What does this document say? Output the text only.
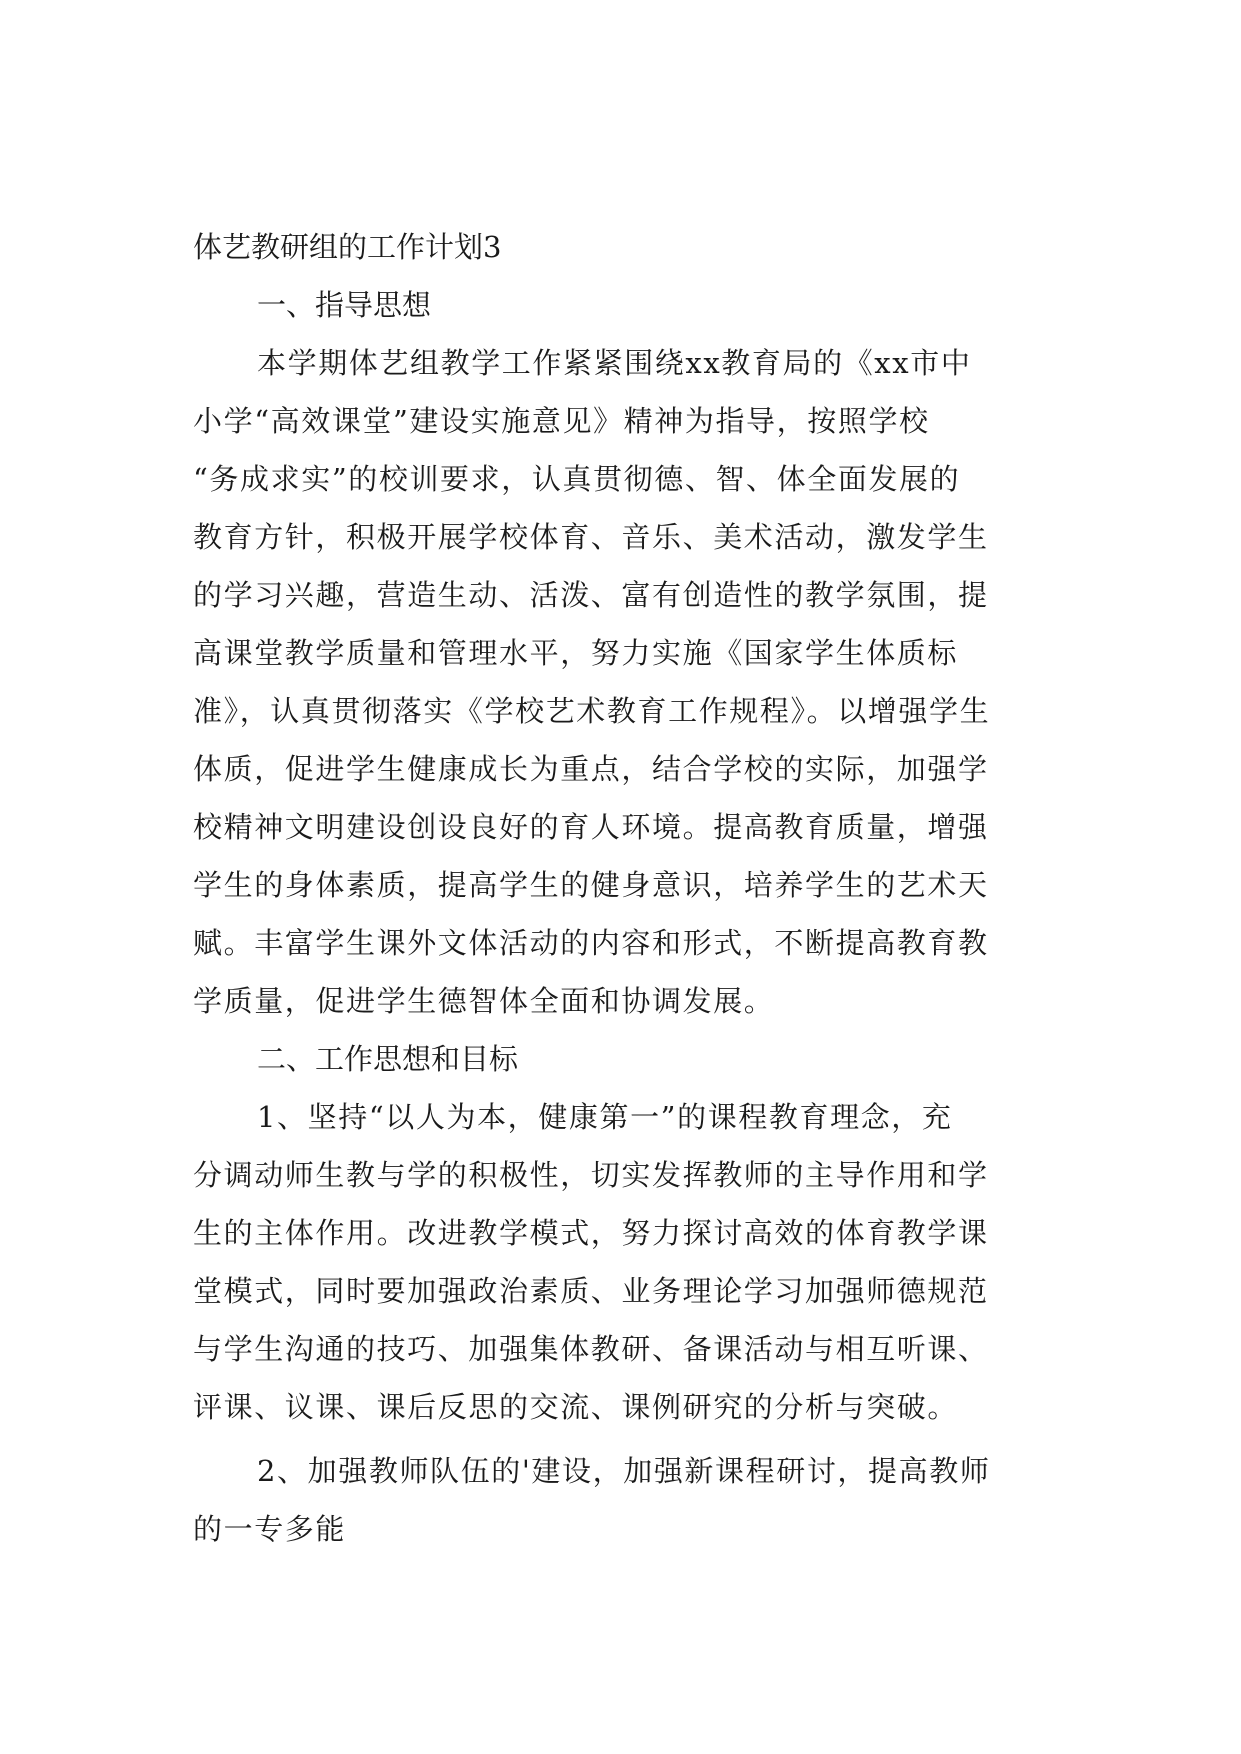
体艺教研组的工作计划3
一、指导思想

本学期体艺组教学工作紧紧围绕xx教育局的《xx市中
小学“高效课堂”建设实施意见》精神为指导，按照学校
“务成求实”的校训要求，认真贯彻德、智、体全面发展的
教育方针，积极开展学校体育、音乐、美术活动，激发学生
的学习兴趣，营造生动、活泼、富有创造性的教学氛围，提
高课堂教学质量和管理水平，努力实施《国家学生体质标
准》，认真贯彻落实《学校艺术教育工作规程》。以增强学生
体质，促进学生健康成长为重点，结合学校的实际，加强学
校精神文明建设创设良好的育人环境。提高教育质量，增强
学生的身体素质，提高学生的健身意识，培养学生的艺术天
赋。丰富学生课外文体活动的内容和形式，不断提高教育教
学质量，促进学生德智体全面和协调发展。

二、工作思想和目标

1、坚持“以人为本，健康第一”的课程教育理念，充
分调动师生教与学的积极性，切实发挥教师的主导作用和学
生的主体作用。改进教学模式，努力探讨高效的体育教学课
堂模式，同时要加强政治素质、业务理论学习加强师德规范
与学生沟通的技巧、加强集体教研、备课活动与相互听课、
评课、议课、课后反思的交流、课例研究的分析与突破。

2、加强教师队伍的'建设，加强新课程研讨，提高教师
的一专多能
